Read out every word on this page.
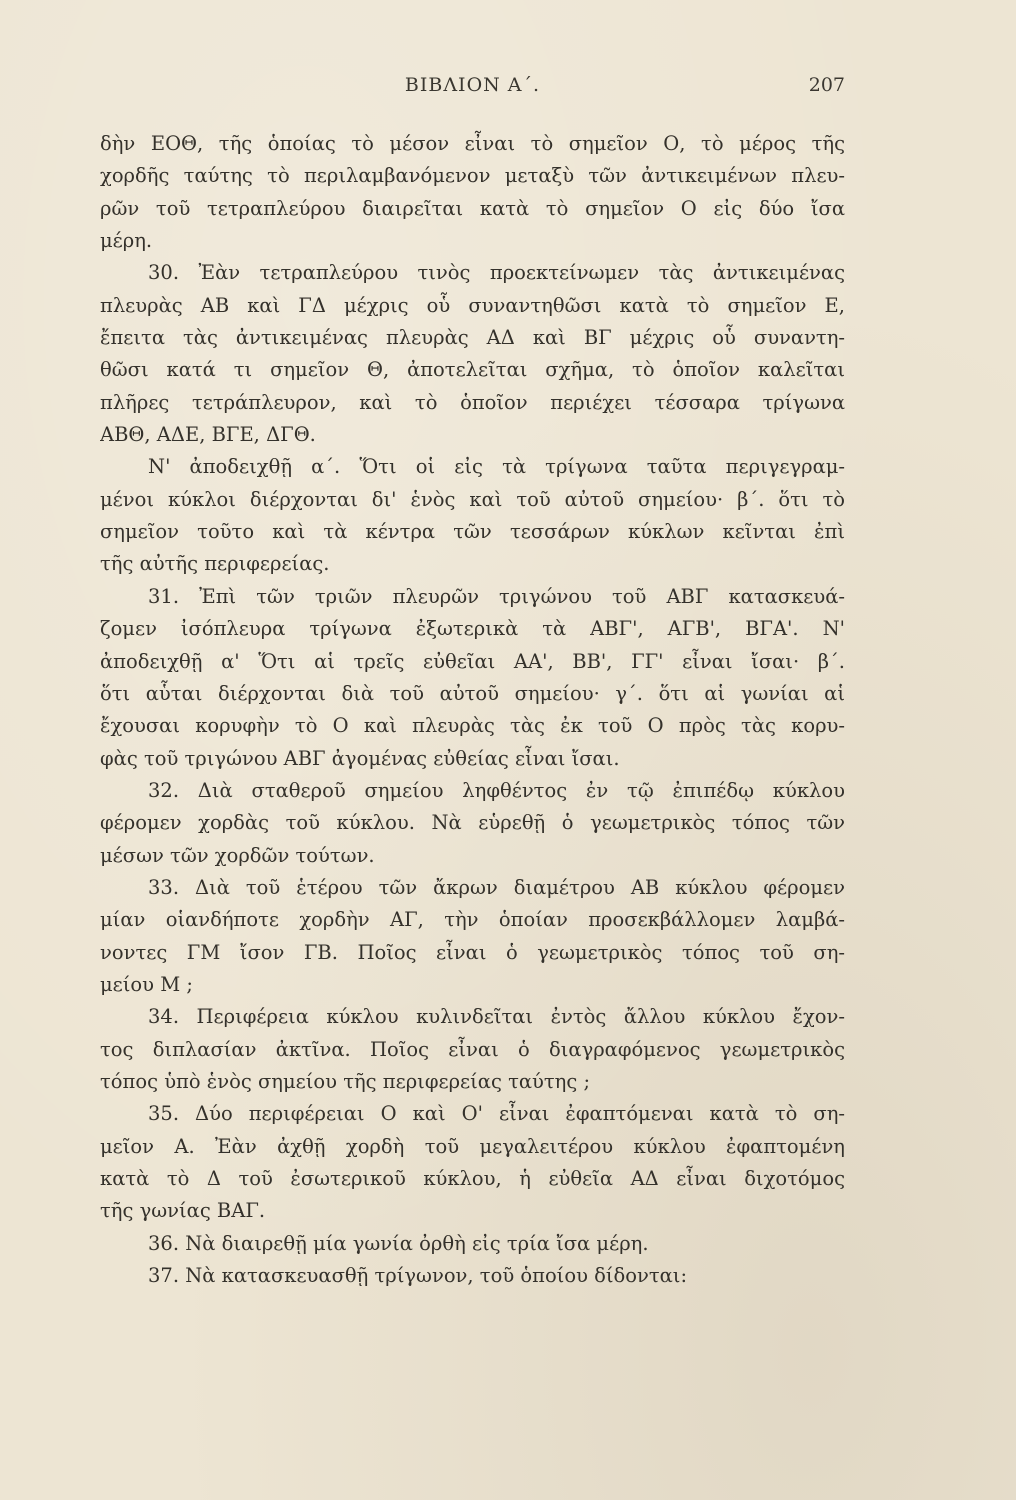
ΒΙΒΛΙΟΝ Α΄.	207
δὴν ΕΟΘ, τῆς ὁποίας τὸ μέσον εἶναι τὸ σημεῖον Ο, τὸ μέρος τῆς
χορδῆς ταύτης τὸ περιλαμβανόμενον μεταξὺ τῶν ἀντικειμένων πλευ-
ρῶν τοῦ τετραπλεύρου διαιρεῖται κατὰ τὸ σημεῖον Ο εἰς δύο ἴσα
μέρη.
30. Ἐὰν τετραπλεύρου τινὸς προεκτείνωμεν τὰς ἀντικειμένας
πλευρὰς ΑΒ καὶ ΓΔ μέχρις οὗ συναντηθῶσι κατὰ τὸ σημεῖον Ε,
ἔπειτα τὰς ἀντικειμένας πλευρὰς ΑΔ καὶ ΒΓ μέχρις οὗ συναντη-
θῶσι κατά τι σημεῖον Θ, ἀποτελεῖται σχῆμα, τὸ ὁποῖον καλεῖται
πλῆρες τετράπλευρον, καὶ τὸ ὁποῖον περιέχει τέσσαρα τρίγωνα
ΑΒΘ, ΑΔΕ, ΒΓΕ, ΔΓΘ.
Ν' ἀποδειχθῇ α΄. Ὅτι οἱ εἰς τὰ τρίγωνα ταῦτα περιγεγραμ-
μένοι κύκλοι διέρχονται δι' ἑνὸς καὶ τοῦ αὐτοῦ σημείου· β΄. ὅτι τὸ
σημεῖον τοῦτο καὶ τὰ κέντρα τῶν τεσσάρων κύκλων κεῖνται ἐπὶ
τῆς αὐτῆς περιφερείας.
31. Ἐπὶ τῶν τριῶν πλευρῶν τριγώνου τοῦ ΑΒΓ κατασκευά-
ζομεν ἰσόπλευρα τρίγωνα ἐξωτερικὰ τὰ ΑΒΓ', ΑΓΒ', ΒΓΑ'. Ν'
ἀποδειχθῇ α' Ὅτι αἱ τρεῖς εὐθεῖαι ΑΑ', ΒΒ', ΓΓ' εἶναι ἴσαι· β΄.
ὅτι αὗται διέρχονται διὰ τοῦ αὐτοῦ σημείου· γ΄. ὅτι αἱ γωνίαι αἱ
ἔχουσαι κορυφὴν τὸ Ο καὶ πλευρὰς τὰς ἐκ τοῦ Ο πρὸς τὰς κορυ-
φὰς τοῦ τριγώνου ΑΒΓ ἀγομένας εὐθείας εἶναι ἴσαι.
32. Διὰ σταθεροῦ σημείου ληφθέντος ἐν τῷ ἐπιπέδῳ κύκλου
φέρομεν χορδὰς τοῦ κύκλου. Νὰ εὑρεθῇ ὁ γεωμετρικὸς τόπος τῶν
μέσων τῶν χορδῶν τούτων.
33. Διὰ τοῦ ἑτέρου τῶν ἄκρων διαμέτρου ΑΒ κύκλου φέρομεν
μίαν οἱανδήποτε χορδὴν ΑΓ, τὴν ὁποίαν προσεκβάλλομεν λαμβά-
νοντες ΓΜ ἴσον ΓΒ. Ποῖος εἶναι ὁ γεωμετρικὸς τόπος τοῦ ση-
μείου Μ ;
34. Περιφέρεια κύκλου κυλινδεῖται ἐντὸς ἄλλου κύκλου ἔχον-
τος διπλασίαν ἀκτῖνα. Ποῖος εἶναι ὁ διαγραφόμενος γεωμετρικὸς
τόπος ὑπὸ ἑνὸς σημείου τῆς περιφερείας ταύτης ;
35. Δύο περιφέρειαι Ο καὶ Ο' εἶναι ἐφαπτόμεναι κατὰ τὸ ση-
μεῖον Α. Ἐὰν ἀχθῇ χορδὴ τοῦ μεγαλειτέρου κύκλου ἐφαπτομένη
κατὰ τὸ Δ τοῦ ἐσωτερικοῦ κύκλου, ἡ εὐθεῖα ΑΔ εἶναι διχοτόμος
τῆς γωνίας ΒΑΓ.
36. Νὰ διαιρεθῇ μία γωνία ὀρθὴ εἰς τρία ἴσα μέρη.
37. Νὰ κατασκευασθῇ τρίγωνον, τοῦ ὁποίου δίδονται:
